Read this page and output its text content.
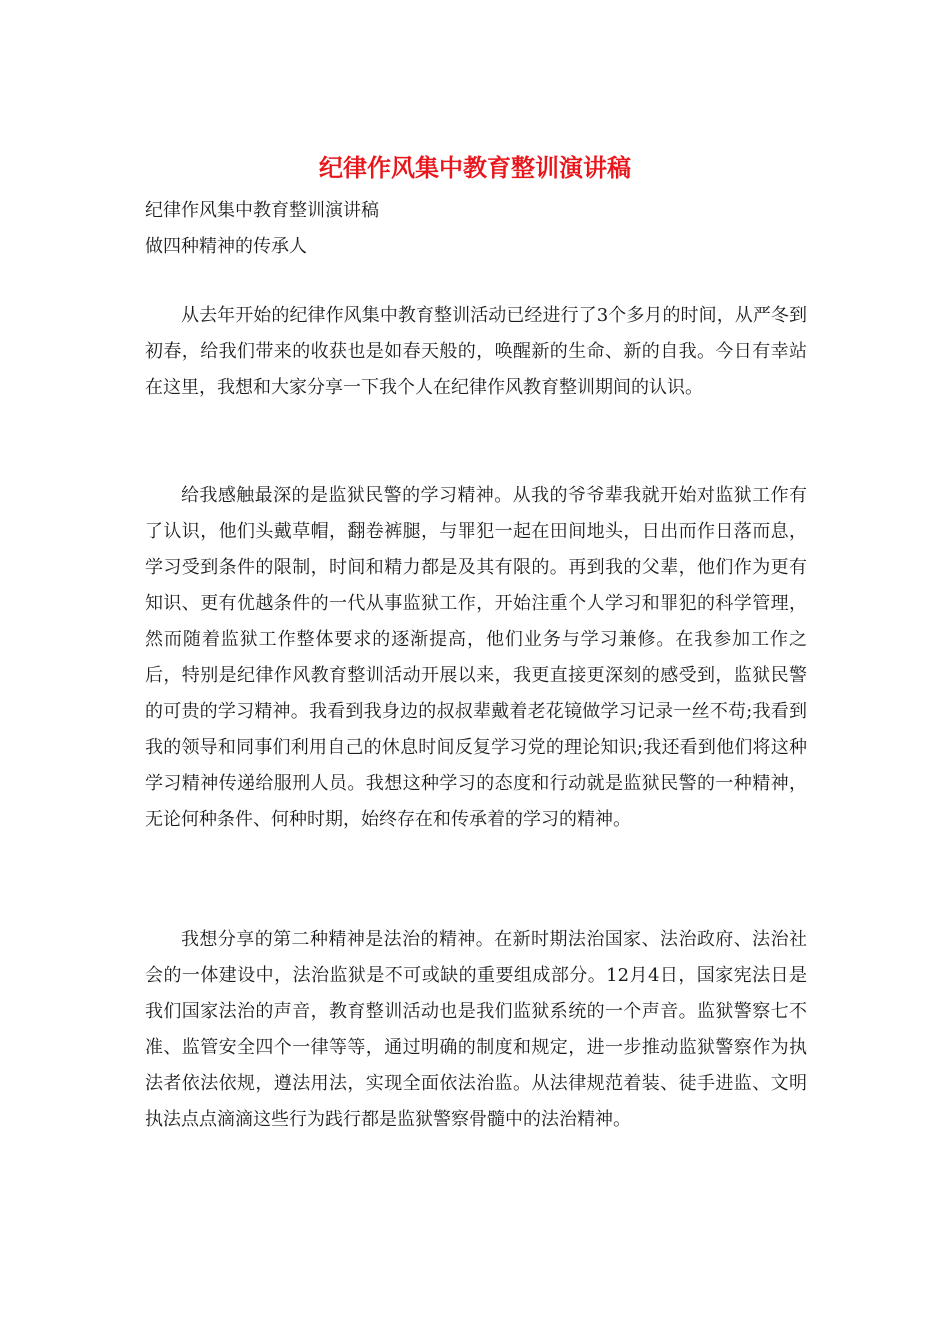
纪律作风集中教育整训演讲稿

纪律作风集中教育整训演讲稿

做四种精神的传承人

从去年开始的纪律作风集中教育整训活动已经进行了3个多月的时间，从严冬到初春，给我们带来的收获也是如春天般的，唤醒新的生命、新的自我。今日有幸站在这里，我想和大家分享一下我个人在纪律作风教育整训期间的认识。

给我感触最深的是监狱民警的学习精神。从我的爷爷辈我就开始对监狱工作有了认识，他们头戴草帽，翻卷裤腿，与罪犯一起在田间地头，日出而作日落而息，学习受到条件的限制，时间和精力都是及其有限的。再到我的父辈，他们作为更有知识、更有优越条件的一代从事监狱工作，开始注重个人学习和罪犯的科学管理，然而随着监狱工作整体要求的逐渐提高，他们业务与学习兼修。在我参加工作之后，特别是纪律作风教育整训活动开展以来，我更直接更深刻的感受到，监狱民警的可贵的学习精神。我看到我身边的叔叔辈戴着老花镜做学习记录一丝不苟;我看到我的领导和同事们利用自己的休息时间反复学习党的理论知识;我还看到他们将这种学习精神传递给服刑人员。我想这种学习的态度和行动就是监狱民警的一种精神，无论何种条件、何种时期，始终存在和传承着的学习的精神。

我想分享的第二种精神是法治的精神。在新时期法治国家、法治政府、法治社会的一体建设中，法治监狱是不可或缺的重要组成部分。12月4日，国家宪法日是我们国家法治的声音，教育整训活动也是我们监狱系统的一个声音。监狱警察七不准、监管安全四个一律等等，通过明确的制度和规定，进一步推动监狱警察作为执法者依法依规，遵法用法，实现全面依法治监。从法律规范着装、徒手进监、文明执法点点滴滴这些行为践行都是监狱警察骨髓中的法治精神。
